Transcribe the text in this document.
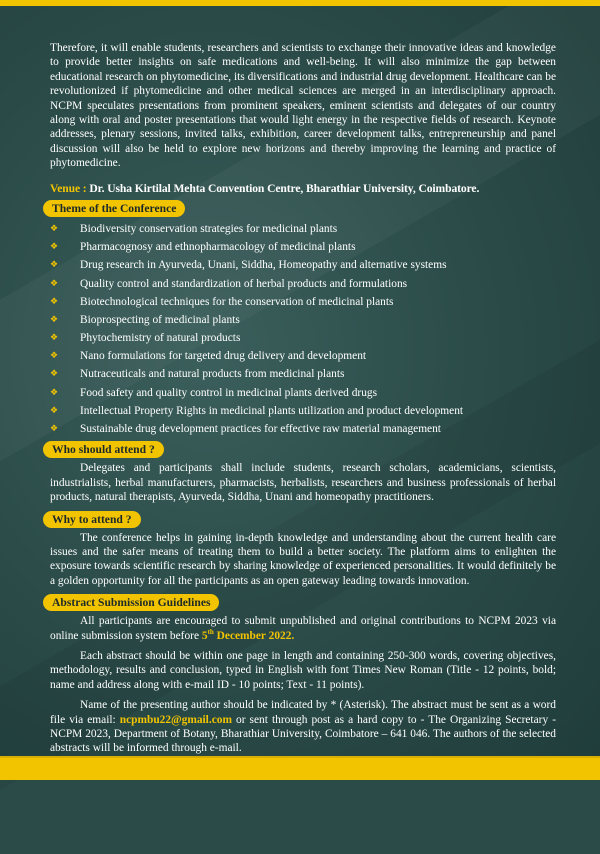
Therefore, it will enable students, researchers and scientists to exchange their innovative ideas and knowledge to provide better insights on safe medications and well-being. It will also minimize the gap between educational research on phytomedicine, its diversifications and industrial drug development. Healthcare can be revolutionized if phytomedicine and other medical sciences are merged in an interdisciplinary approach. NCPM speculates presentations from prominent speakers, eminent scientists and delegates of our country along with oral and poster presentations that would light energy in the respective fields of research. Keynote addresses, plenary sessions, invited talks, exhibition, career development talks, entrepreneurship and panel discussion will also be held to explore new horizons and thereby improving the learning and practice of phytomedicine.

Venue : Dr. Usha Kirtilal Mehta Convention Centre, Bharathiar University, Coimbatore.
Theme of the Conference
❖	Biodiversity conservation strategies for medicinal plants
❖	Pharmacognosy and ethnopharmacology of medicinal plants
❖	Drug research in Ayurveda, Unani, Siddha, Homeopathy and alternative systems
❖	Quality control and standardization of herbal products and formulations
❖	Biotechnological techniques for the conservation of medicinal plants
❖	Bioprospecting of medicinal plants
❖	Phytochemistry of natural products
❖	Nano formulations for targeted drug delivery and development
❖	Nutraceuticals and natural products from medicinal plants
❖	Food safety and quality control in medicinal plants derived drugs
❖	Intellectual Property Rights in medicinal plants utilization and product development
❖	Sustainable drug development practices for effective raw material management
Who should attend ?

Delegates and participants shall include students, research scholars, academicians, scientists, industrialists, herbal manufacturers, pharmacists, herbalists, researchers and business professionals of herbal products, natural therapists, Ayurveda, Siddha, Unani and homeopathy practitioners.

Why to attend ?

The conference helps in gaining in-depth knowledge and understanding about the current health care issues and the safer means of treating them to build a better society. The platform aims to enlighten the exposure towards scientific research by sharing knowledge of experienced personalities. It would definitely be a golden opportunity for all the participants as an open gateway leading towards innovation.

Abstract Submission Guidelines

All participants are encouraged to submit unpublished and original contributions to NCPM 2023 via online submission system before 5th December 2022.

Each abstract should be within one page in length and containing 250-300 words, covering objectives, methodology, results and conclusion, typed in English with font Times New Roman (Title - 12 points, bold; name and address along with e-mail ID - 10 points; Text - 11 points).

Name of the presenting author should be indicated by * (Asterisk). The abstract must be sent as a word file via email: ncpmbu22@gmail.com or sent through post as a hard copy to - The Organizing Secretary - NCPM 2023, Department of Botany, Bharathiar University, Coimbatore – 641 046. The authors of the selected abstracts will be informed through e-mail.
